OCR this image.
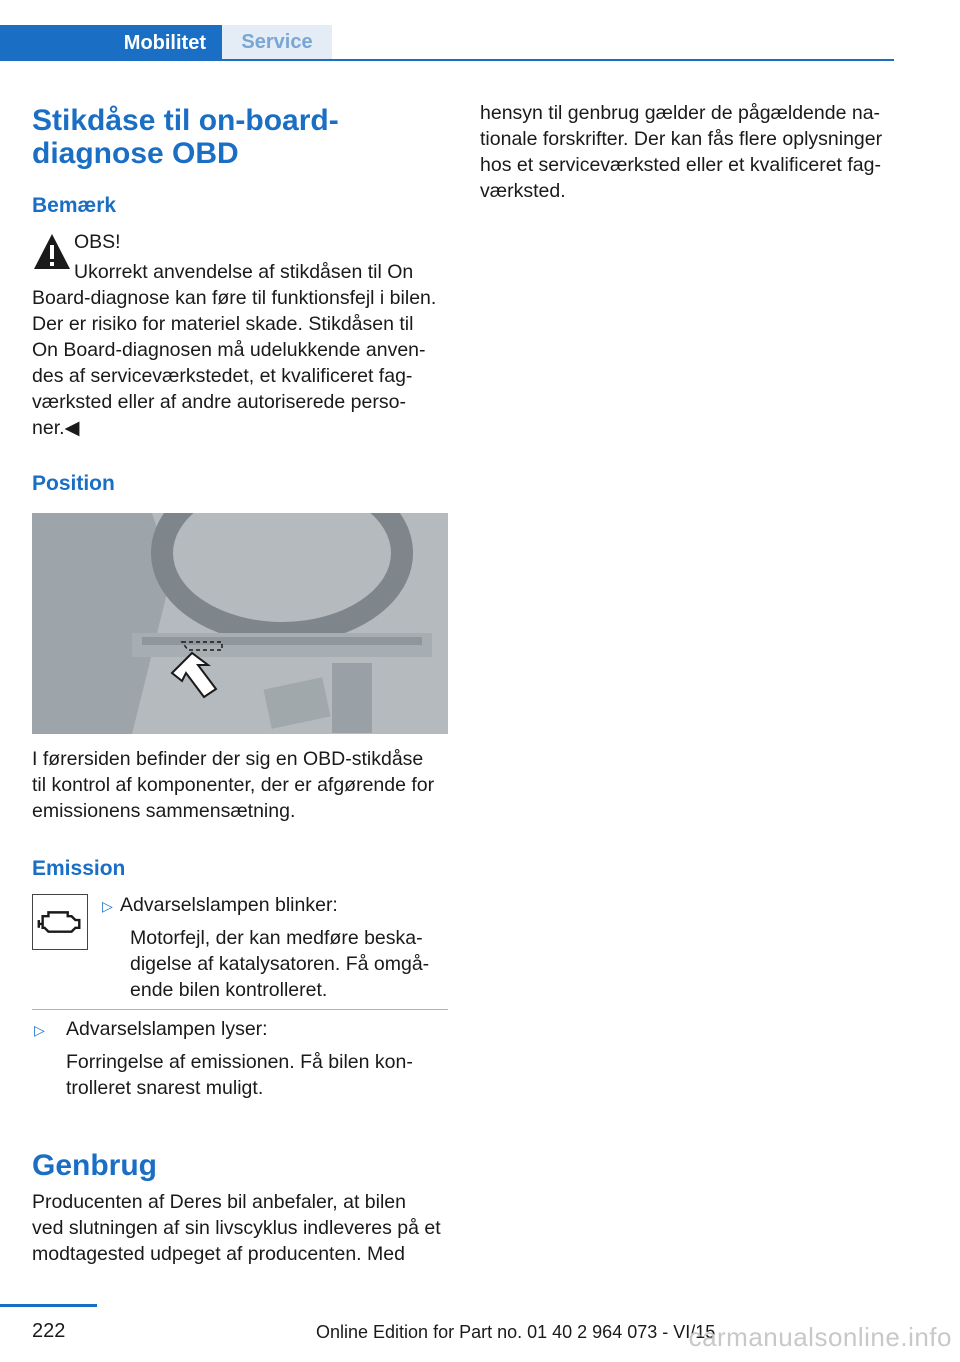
Mobilitet Service
Stikdåse til on-board-
diagnose OBD
Bemærk

OBS!

Ukorrekt anvendelse af stikdåsen til On

Board-diagnose kan føre til funktionsfejl i bilen.

Der er risiko for materiel skade. Stikdåsen til

On Board-diagnosen må udelukkende anven-

des af serviceværkstedet, et kvalificeret fag-

værksted eller af andre autoriserede perso-

ner.◀

Position

I førersiden befinder der sig en OBD-stikdåse

til kontrol af komponenter, der er afgørende for

emissionens sammensætning.

Emission

▷ Advarselslampen blinker:

Motorfejl, der kan medføre beska-

digelse af katalysatoren. Få omgå-

ende bilen kontrolleret.

▷ Advarselslampen lyser:

Forringelse af emissionen. Få bilen kon-

trolleret snarest muligt.

Genbrug

Producenten af Deres bil anbefaler, at bilen

ved slutningen af sin livscyklus indleveres på et

modtagested udpeget af producenten. Med

hensyn til genbrug gælder de pågældende na-

tionale forskrifter. Der kan fås flere oplysninger

hos et serviceværksted eller et kvalificeret fag-

værksted.

222	Online Edition for Part no. 01 40 2 964 073 - VI/15
carmanualsonline.info
